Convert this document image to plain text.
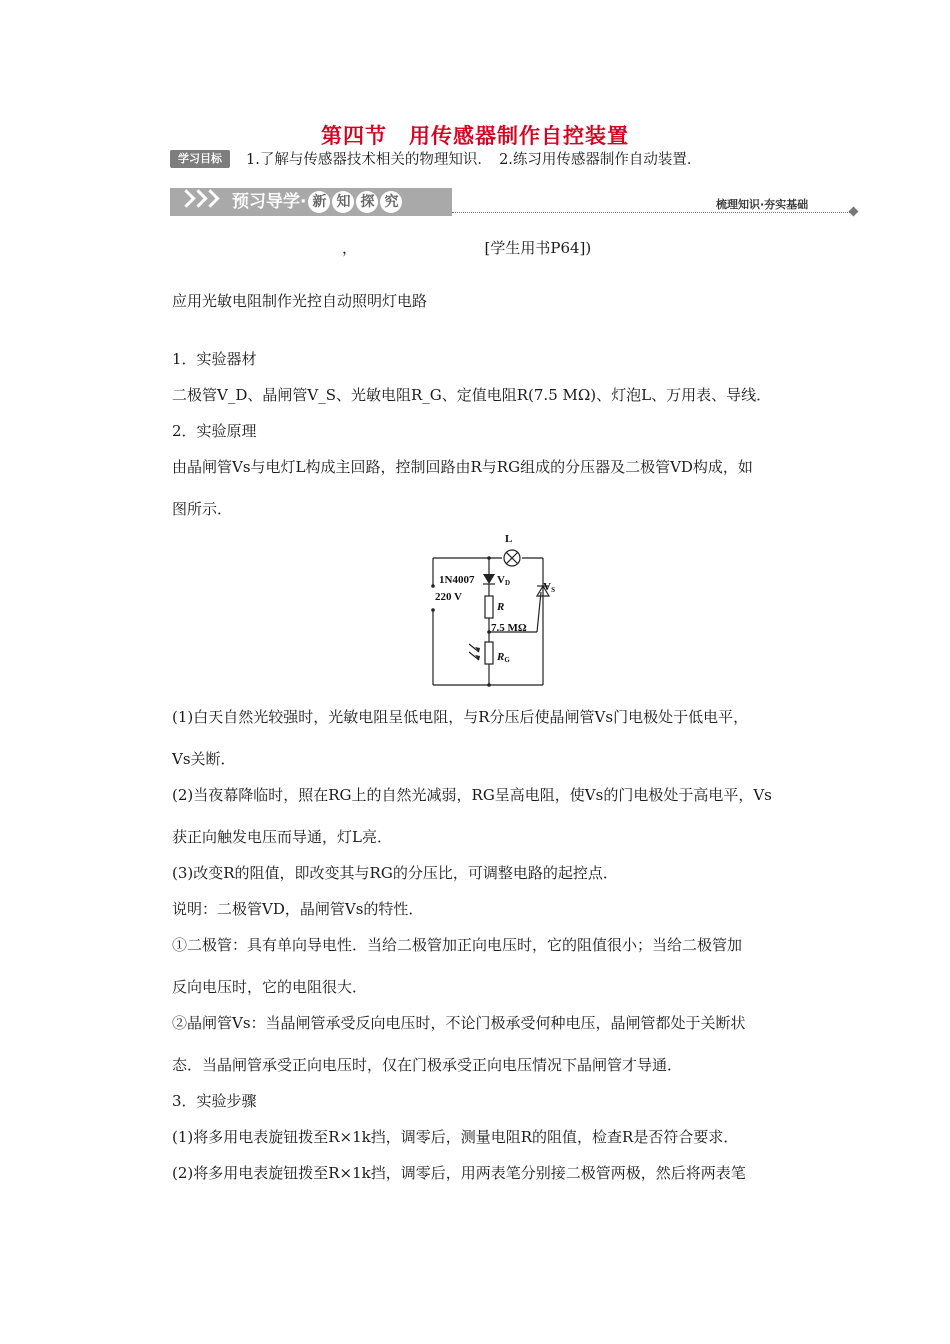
第四节　用传感器制作自控装置
学习目标	1.了解与传感器技术相关的物理知识．　2.练习用传感器制作自动装置．
预习导学· 新 知 探 究	梳理知识·夯实基础
，　　　　　　　　　[学生用书P64])
应用光敏电阻制作光控自动照明灯电路
1．实验器材
二极管V_D、晶闸管V_S、光敏电阻R_G、定值电阻R(7.5 MΩ)、灯泡L、万用表、导线．
2．实验原理
由晶闸管Vs与电灯L构成主回路，控制回路由R与RG组成的分压器及二极管VD构成，如
图所示．
L
1N4007 VD
220 V
VS
R
7.5 MΩ
RG
(1)白天自然光较强时，光敏电阻呈低电阻，与R分压后使晶闸管Vs门电极处于低电平，
Vs关断．
(2)当夜幕降临时，照在RG上的自然光减弱，RG呈高电阻，使Vs的门电极处于高电平，Vs
获正向触发电压而导通，灯L亮．
(3)改变R的阻值，即改变其与RG的分压比，可调整电路的起控点．
说明：二极管VD，晶闸管Vs的特性．
①二极管：具有单向导电性．当给二极管加正向电压时，它的阻值很小；当给二极管加
反向电压时，它的电阻很大．
②晶闸管Vs：当晶闸管承受反向电压时，不论门极承受何种电压，晶闸管都处于关断状
态．当晶闸管承受正向电压时，仅在门极承受正向电压情况下晶闸管才导通．
3．实验步骤
(1)将多用电表旋钮拨至R×1k挡，调零后，测量电阻R的阻值，检查R是否符合要求．
(2)将多用电表旋钮拨至R×1k挡，调零后，用两表笔分别接二极管两极，然后将两表笔
